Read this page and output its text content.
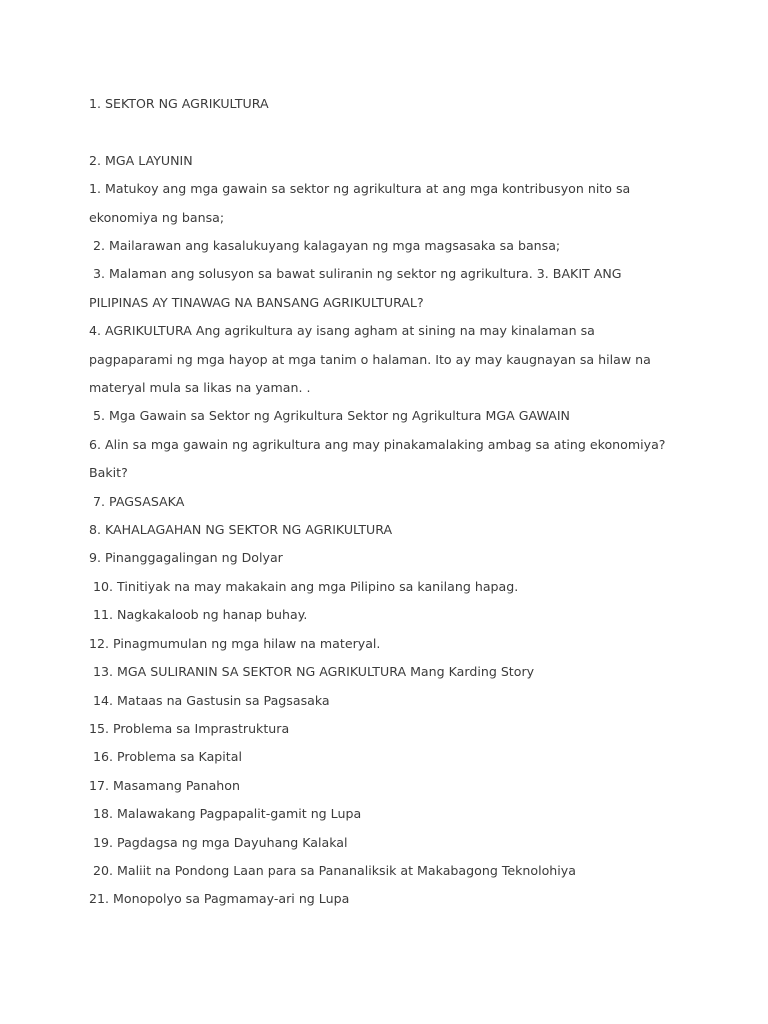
1. SEKTOR NG AGRIKULTURA

2. MGA LAYUNIN

1. Matukoy ang mga gawain sa sektor ng agrikultura at ang mga kontribusyon nito sa ekonomiya ng bansa;

2. Mailarawan ang kasalukuyang kalagayan ng mga magsasaka sa bansa;

3. Malaman ang solusyon sa bawat suliranin ng sektor ng agrikultura. 3. BAKIT ANG PILIPINAS AY TINAWAG NA BANSANG AGRIKULTURAL?

4. AGRIKULTURA Ang agrikultura ay isang agham at sining na may kinalaman sa pagpaparami ng mga hayop at mga tanim o halaman. Ito ay may kaugnayan sa hilaw na materyal mula sa likas na yaman. .

5. Mga Gawain sa Sektor ng Agrikultura Sektor ng Agrikultura MGA GAWAIN

6. Alin sa mga gawain ng agrikultura ang may pinakamalaking ambag sa ating ekonomiya? Bakit?

7. PAGSASAKA

8. KAHALAGAHAN NG SEKTOR NG AGRIKULTURA

9. Pinanggagalingan ng Dolyar

10. Tinitiyak na may makakain ang mga Pilipino sa kanilang hapag.

11. Nagkakaloob ng hanap buhay.

12. Pinagmumulan ng mga hilaw na materyal.

13. MGA SULIRANIN SA SEKTOR NG AGRIKULTURA Mang Karding Story

14. Mataas na Gastusin sa Pagsasaka

15. Problema sa Imprastruktura

16. Problema sa Kapital

17. Masamang Panahon

18. Malawakang Pagpapalit-gamit ng Lupa

19. Pagdagsa ng mga Dayuhang Kalakal

20. Maliit na Pondong Laan para sa Pananaliksik at Makabagong Teknolohiya

21. Monopolyo sa Pagmamay-ari ng Lupa
